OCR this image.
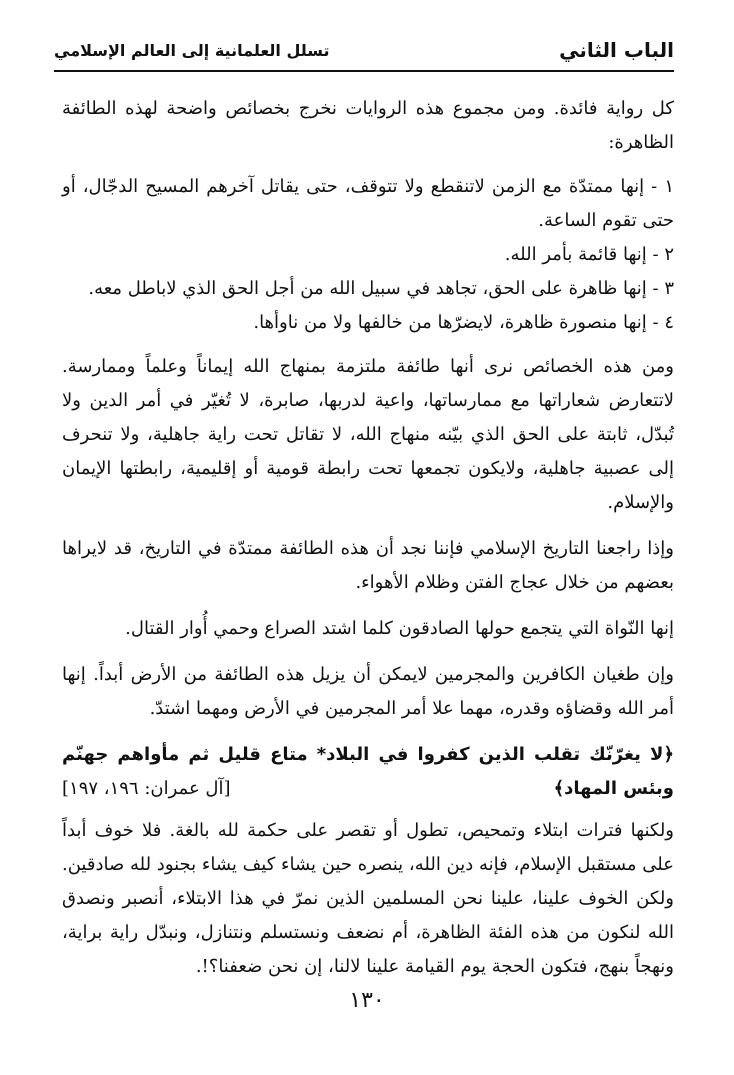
الباب الثاني
تسلل العلمانية إلى العالم الإسلامي

كل رواية فائدة. ومن مجموع هذه الروايات نخرج بخصائص واضحة لهذه الطائفة الظاهرة:

١ - إنها ممتدّة مع الزمن لاتنقطع ولا تتوقف، حتى يقاتل آخرهم المسيح الدجّال، أو حتى تقوم الساعة.

٢ - إنها قائمة بأمر الله.

٣ - إنها ظاهرة على الحق، تجاهد في سبيل الله من أجل الحق الذي لاباطل معه.

٤ - إنها منصورة ظاهرة، لايضرّها من خالفها ولا من ناوأها.

ومن هذه الخصائص نرى أنها طائفة ملتزمة بمنهاج الله إيماناً وعلماً وممارسة. لاتتعارض شعاراتها مع ممارساتها، واعية لدربها، صابرة، لا تُغيّر في أمر الدين ولا تُبدّل، ثابتة على الحق الذي بيّنه منهاج الله، لا تقاتل تحت راية جاهلية، ولا تنحرف إلى عصبية جاهلية، ولايكون تجمعها تحت رابطة قومية أو إقليمية، رابطتها الإيمان والإسلام.

وإذا راجعنا التاريخ الإسلامي فإننا نجد أن هذه الطائفة ممتدّة في التاريخ، قد لايراها بعضهم من خلال عجاج الفتن وظلام الأهواء.

إنها النّواة التي يتجمع حولها الصادقون كلما اشتد الصراع وحمي أُوار القتال.

وإن طغيان الكافرين والمجرمين لايمكن أن يزيل هذه الطائفة من الأرض أبداً. إنها أمر الله وقضاؤه وقدره، مهما علا أمر المجرمين في الأرض ومهما اشتدّ.

﴿لا يغرّنّك تقلب الذين كفروا في البلاد* متاع قليل ثم مأواهم جهنّم وبئس المهاد﴾
[آل عمران: ١٩٦، ١٩٧]

ولكنها فترات ابتلاء وتمحيص، تطول أو تقصر على حكمة لله بالغة. فلا خوف أبداً على مستقبل الإسلام، فإنه دين الله، ينصره حين يشاء كيف يشاء بجنود لله صادقين. ولكن الخوف علينا، علينا نحن المسلمين الذين نمرّ في هذا الابتلاء، أنصبر ونصدق الله لنكون من هذه الفئة الظاهرة، أم نضعف ونستسلم ونتنازل، ونبدّل راية براية، ونهجاً بنهج، فتكون الحجة يوم القيامة علينا لالنا، إن نحن ضعفنا؟!.

١٣٠
